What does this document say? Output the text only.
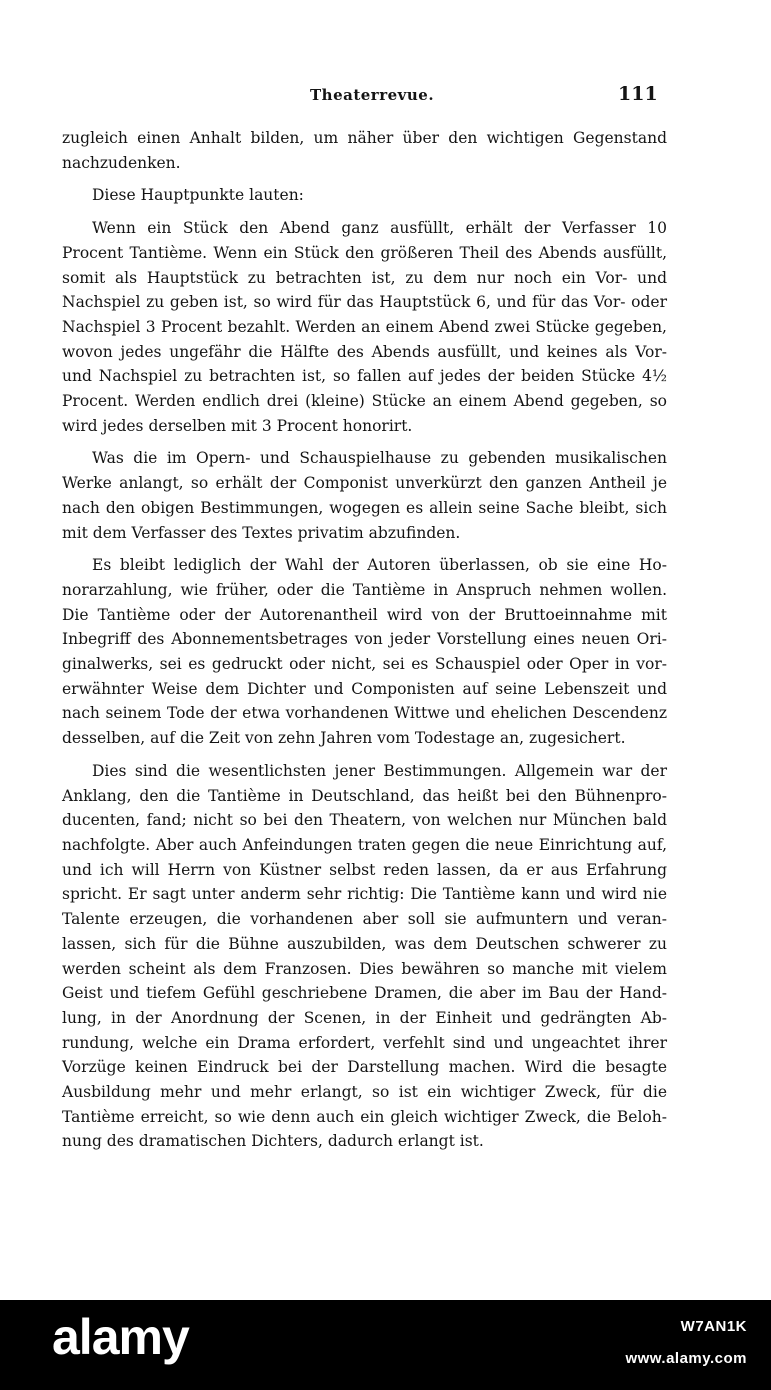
Theaterrevue.	111

zugleich einen Anhalt bilden, um näher über den wichtigen Gegenstand nachzudenken.

Diese Hauptpunkte lauten:

Wenn ein Stück den Abend ganz ausfüllt, erhält der Verfasser 10 Procent Tantième. Wenn ein Stück den größeren Theil des Abends ausfüllt, somit als Hauptstück zu betrachten ist, zu dem nur noch ein Vor- und Nachspiel zu geben ist, so wird für das Hauptstück 6, und für das Vor- oder Nachspiel 3 Procent bezahlt. Werden an einem Abend zwei Stücke gegeben, wovon jedes ungefähr die Hälfte des Abends ausfüllt, und keines als Vor- und Nachspiel zu betrachten ist, so fallen auf jedes der beiden Stücke 4½ Procent. Werden endlich drei (kleine) Stücke an einem Abend gegeben, so wird jedes derselben mit 3 Procent honorirt.

Was die im Opern- und Schauspielhause zu gebenden musikalischen Werke anlangt, so erhält der Componist unverkürzt den ganzen Antheil je nach den obigen Bestimmungen, wogegen es allein seine Sache bleibt, sich mit dem Verfasser des Textes privatim abzufinden.

Es bleibt lediglich der Wahl der Autoren überlassen, ob sie eine Honorarzahlung, wie früher, oder die Tantième in Anspruch nehmen wollen. Die Tantième oder der Autorenantheil wird von der Bruttoeinnahme mit Inbegriff des Abonnementsbetrages von jeder Vorstellung eines neuen Originalwerks, sei es gedruckt oder nicht, sei es Schauspiel oder Oper in vorerwähnter Weise dem Dichter und Componisten auf seine Lebenszeit und nach seinem Tode der etwa vorhandenen Wittwe und ehelichen Descendenz desselben, auf die Zeit von zehn Jahren vom Todestage an, zugesichert.

Dies sind die wesentlichsten jener Bestimmungen. Allgemein war der Anklang, den die Tantième in Deutschland, das heißt bei den Bühnenproducenten, fand; nicht so bei den Theatern, von welchen nur München bald nachfolgte. Aber auch Anfeindungen traten gegen die neue Einrichtung auf, und ich will Herrn von Küstner selbst reden lassen, da er aus Erfahrung spricht. Er sagt unter anderm sehr richtig: Die Tantième kann und wird nie Talente erzeugen, die vorhandenen aber soll sie aufmuntern und veranlassen, sich für die Bühne auszubilden, was dem Deutschen schwerer zu werden scheint als dem Franzosen. Dies bewähren so manche mit vielem Geist und tiefem Gefühl geschriebene Dramen, die aber im Bau der Handlung, in der Anordnung der Scenen, in der Einheit und gedrängten Abrundung, welche ein Drama erfordert, verfehlt sind und ungeachtet ihrer Vorzüge keinen Eindruck bei der Darstellung machen. Wird die besagte Ausbildung mehr und mehr erlangt, so ist ein wichtiger Zweck, für die Tantième erreicht, so wie denn auch ein gleich wichtiger Zweck, die Belohnung des dramatischen Dichters, dadurch erlangt ist.

alamy	W7AN1K
www.alamy.com
